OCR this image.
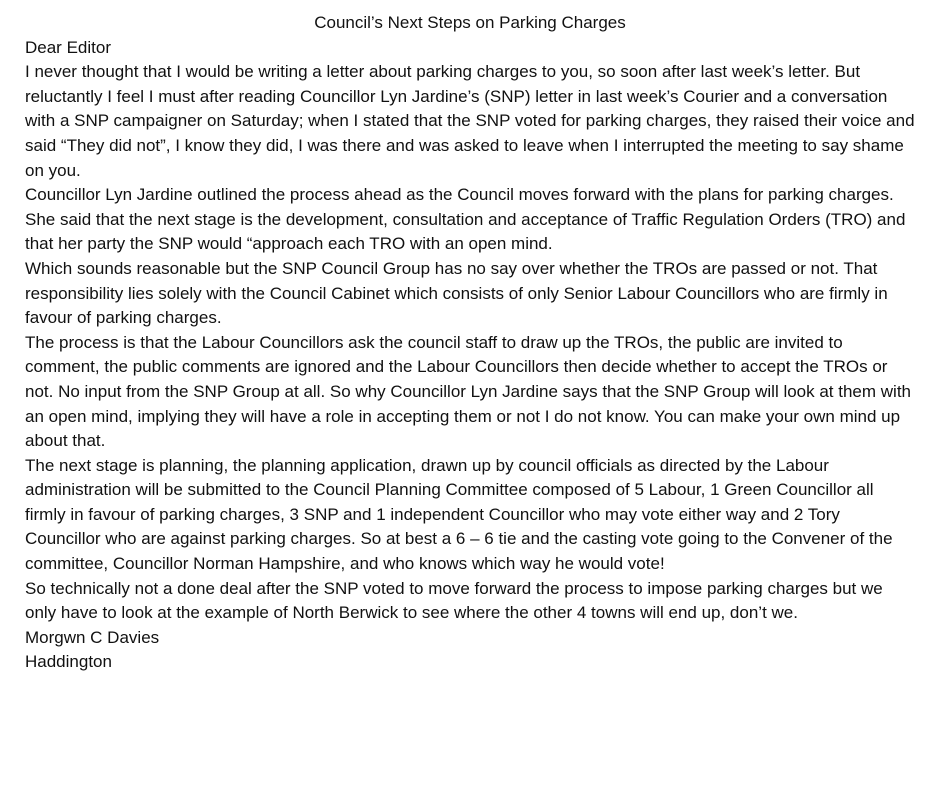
Council’s Next Steps on Parking Charges

Dear Editor

I never thought that I would be writing a letter about parking charges to you, so soon after last week’s letter. But reluctantly I feel I must after reading Councillor Lyn Jardine’s (SNP) letter in last week’s Courier and a conversation with a SNP campaigner on Saturday; when I stated that the SNP voted for parking charges, they raised their voice and said “They did not”, I know they did, I was there and was asked to leave when I interrupted the meeting to say shame on you.

Councillor Lyn Jardine outlined the process ahead as the Council moves forward with the plans for parking charges.

She said that the next stage is the development, consultation and acceptance of Traffic Regulation Orders (TRO) and that her party the SNP would “approach each TRO with an open mind.

Which sounds reasonable but the SNP Council Group has no say over whether the TROs are passed or not. That responsibility lies solely with the Council Cabinet which consists of only Senior Labour Councillors who are firmly in favour of parking charges.

The process is that the Labour Councillors ask the council staff to draw up the TROs, the public are invited to comment, the public comments are ignored and the Labour Councillors then decide whether to accept the TROs or not. No input from the SNP Group at all. So why Councillor Lyn Jardine says that the SNP Group will look at them with an open mind, implying they will have a role in accepting them or not I do not know. You can make your own mind up about that.

The next stage is planning, the planning application, drawn up by council officials as directed by the Labour administration will be submitted to the Council Planning Committee composed of 5 Labour, 1 Green Councillor all firmly in favour of parking charges, 3 SNP and 1 independent Councillor who may vote either way and 2 Tory Councillor who are against parking charges. So at best a 6 – 6 tie and the casting vote going to the Convener of the committee, Councillor Norman Hampshire, and who knows which way he would vote!

So technically not a done deal after the SNP voted to move forward the process to impose parking charges but we only have to look at the example of North Berwick to see where the other 4 towns will end up, don’t we.

Morgwn C Davies

Haddington
